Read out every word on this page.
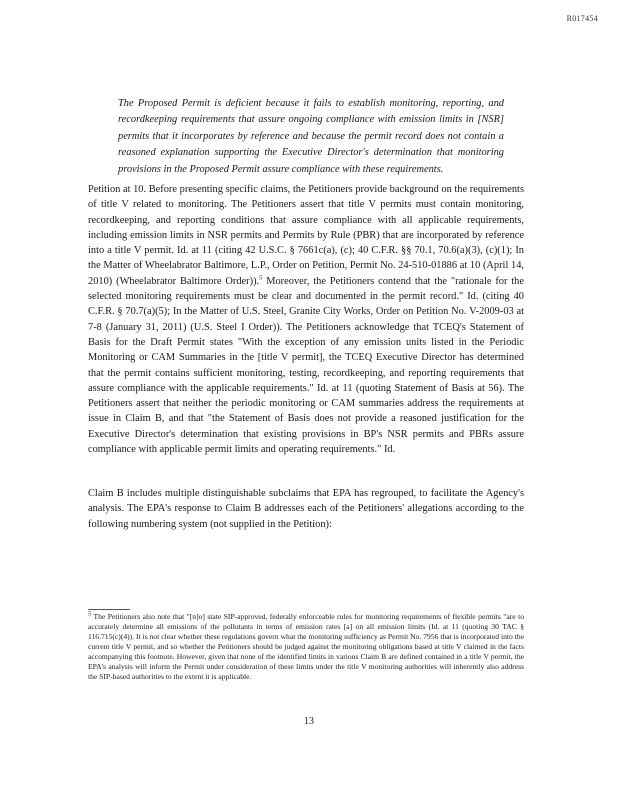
R017454
The Proposed Permit is deficient because it fails to establish monitoring, reporting, and recordkeeping requirements that assure ongoing compliance with emission limits in [NSR] permits that it incorporates by reference and because the permit record does not contain a reasoned explanation supporting the Executive Director's determination that monitoring provisions in the Proposed Permit assure compliance with these requirements.
Petition at 10. Before presenting specific claims, the Petitioners provide background on the requirements of title V related to monitoring. The Petitioners assert that title V permits must contain monitoring, recordkeeping, and reporting conditions that assure compliance with all applicable requirements, including emission limits in NSR permits and Permits by Rule (PBR) that are incorporated by reference into a title V permit. Id. at 11 (citing 42 U.S.C. § 7661c(a), (c); 40 C.F.R. §§ 70.1, 70.6(a)(3), (c)(1); In the Matter of Wheelabrator Baltimore, L.P., Order on Petition, Permit No. 24-510-01886 at 10 (April 14, 2010) (Wheelabrator Baltimore Order)).$^5$ Moreover, the Petitioners contend that the "rationale for the selected monitoring requirements must be clear and documented in the permit record." Id. (citing 40 C.F.R. § 70.7(a)(5); In the Matter of U.S. Steel, Granite City Works, Order on Petition No. V-2009-03 at 7-8 (January 31, 2011) (U.S. Steel I Order)). The Petitioners acknowledge that TCEQ's Statement of Basis for the Draft Permit states "With the exception of any emission units listed in the Periodic Monitoring or CAM Summaries in the [title V permit], the TCEQ Executive Director has determined that the permit contains sufficient monitoring, testing, recordkeeping, and reporting requirements that assure compliance with the applicable requirements." Id. at 11 (quoting Statement of Basis at 56). The Petitioners assert that neither the periodic monitoring or CAM summaries address the requirements at issue in Claim B, and that "the Statement of Basis does not provide a reasoned justification for the Executive Director's determination that existing provisions in BP's NSR permits and PBRs assure compliance with applicable permit limits and operating requirements." Id.
Claim B includes multiple distinguishable subclaims that EPA has regrouped, to facilitate the Agency's analysis. The EPA's response to Claim B addresses each of the Petitioners' allegations according to the following numbering system (not supplied in the Petition):
$^5$ The Petitioners also note that "[n]o] state SIP-approved, federally enforceable rules for monitoring requirements of flexible permits "are to accurately determine all emissions of the pollutants in terms of emission rates [a] on all emission limits (Id. at 11 (quoting 30 TAC § 116.715(c)(4)). It is not clear whether these regulations govern what the monitoring sufficiency as Permit No. 7956 that is incorporated into the current title V permit, and so whether the Petitioners should be judged against the monitoring obligations based at title V claimed in the facts accompanying this footnote. However, given that none of the identified limits in various Claim B are defined contained in a title V permit, the EPA's analysis will inform the Permit under consideration of these limits under the title V monitoring authorities will inherently also address the SIP-based authorities to the extent it is applicable.
13
